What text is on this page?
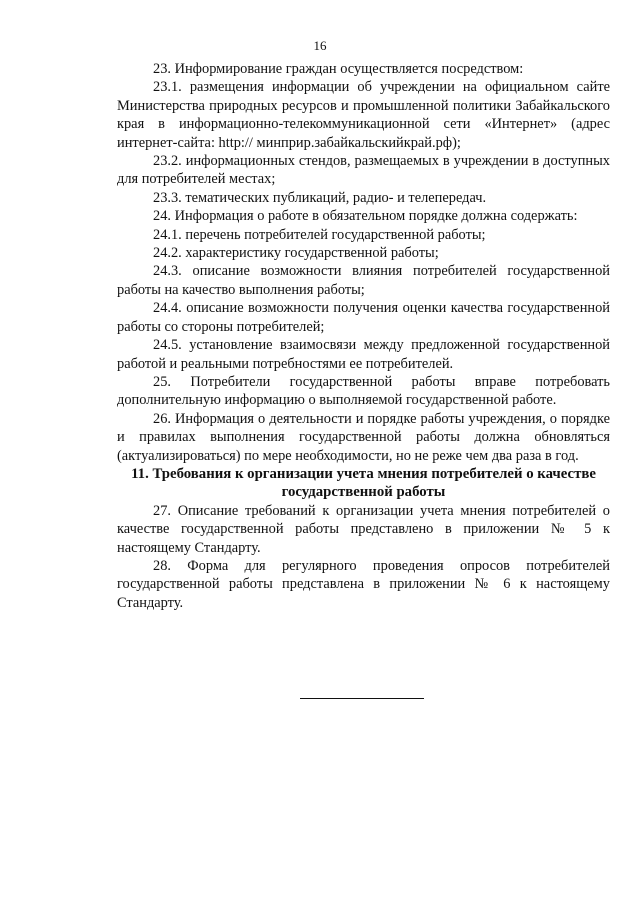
16

23. Информирование граждан осуществляется посредством:

23.1. размещения информации об учреждении на официальном сайте Министерства природных ресурсов и промышленной политики Забайкальского края в информационно-телекоммуникационной сети «Интернет» (адрес интернет-сайта: http:// минприр.забайкальскийкрай.рф);

23.2. информационных стендов, размещаемых в учреждении в доступных для потребителей местах;

23.3. тематических публикаций, радио- и телепередач.

24. Информация о работе в обязательном порядке должна содержать:

24.1. перечень потребителей государственной работы;

24.2. характеристику государственной работы;

24.3. описание возможности влияния потребителей государственной работы на качество выполнения работы;

24.4. описание возможности получения оценки качества государственной работы со стороны потребителей;

24.5. установление взаимосвязи между предложенной государственной работой и реальными потребностями ее потребителей.

25. Потребители государственной работы вправе потребовать дополнительную информацию о выполняемой государственной работе.

26. Информация о деятельности и порядке работы учреждения, о порядке и правилах выполнения государственной работы должна обновляться (актуализироваться) по мере необходимости, но не реже чем два раза в год.

11. Требования к организации учета мнения потребителей о качестве государственной работы

27. Описание требований к организации учета мнения потребителей о качестве государственной работы представлено в приложении № 5 к настоящему Стандарту.

28. Форма для регулярного проведения опросов потребителей государственной работы представлена в приложении № 6 к настоящему Стандарту.
